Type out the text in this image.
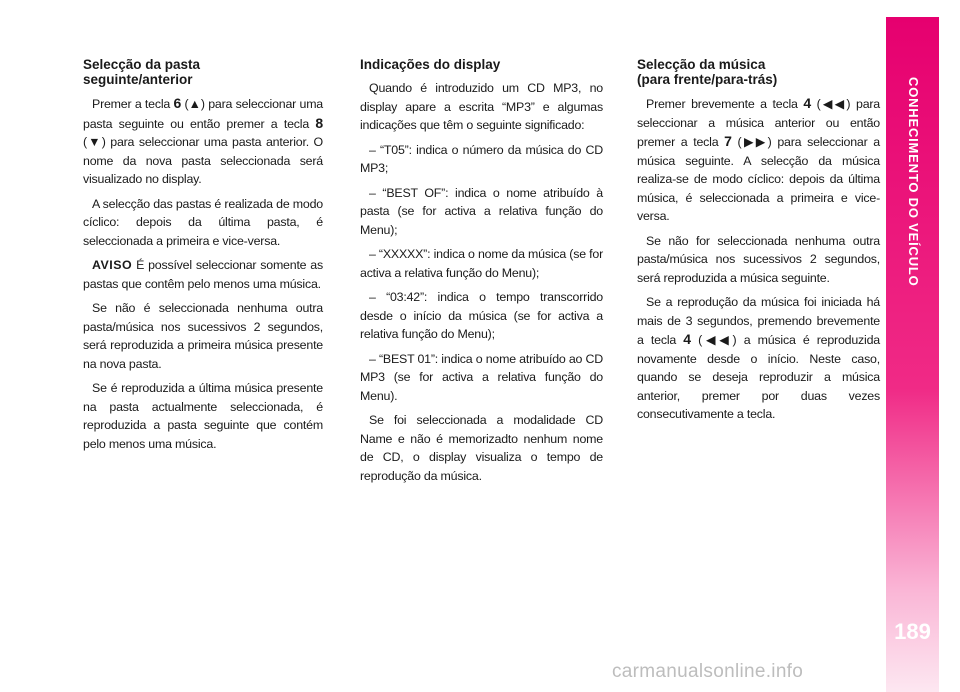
Selecção da pasta
seguinte/anterior

Premer a tecla 6 (▲) para seleccionar uma pasta seguinte ou então premer a tecla 8 (▼) para seleccionar uma pasta anterior. O nome da nova pasta seleccionada será visualizado no display.

A selecção das pastas é realizada de modo cíclico: depois da última pasta, é seleccionada a primeira e vice-versa.

AVISO É possível seleccionar somente as pastas que contêm pelo menos uma música.

Se não é seleccionada nenhuma outra pasta/música nos sucessivos 2 segundos, será reproduzida a primeira música presente na nova pasta.

Se é reproduzida a última música presente na pasta actualmente seleccionada, é reproduzida a pasta seguinte que contém pelo menos uma música.

Indicações do display

Quando é introduzido um CD MP3, no display apare a escrita “MP3” e algumas indicações que têm o seguinte significado:

– “T05”: indica o número da música do CD MP3;

– “BEST OF”: indica o nome atribuído à pasta (se for activa a relativa função do Menu);

– “XXXXX”: indica o nome da música (se for activa a relativa função do Menu);

– “03:42”: indica o tempo transcorrido desde o início da música (se for activa a relativa função do Menu);

– “BEST 01”: indica o nome atribuído ao CD MP3 (se for activa a relativa função do Menu).

Se foi seleccionada a modalidade CD Name e não é memorizadto nenhum nome de CD, o display visualiza o tempo de reprodução da música.

Selecção da música
(para frente/para-trás)

Premer brevemente a tecla 4 (◀◀) para seleccionar a música anterior ou então premer a tecla 7 (▶▶) para seleccionar a música seguinte. A selecção da música realiza-se de modo cíclico: depois da última música, é seleccionada a primeira e vice-versa.

Se não for seleccionada nenhuma outra pasta/música nos sucessivos 2 segundos, será reproduzida a música seguinte.

Se a reprodução da música foi iniciada há mais de 3 segundos, premendo brevemente a tecla 4 (◀◀) a música é reproduzida novamente desde o início. Neste caso, quando se deseja reproduzir a música anterior, premer por duas vezes consecutivamente a tecla.

CONHECIMENTO DO VEÍCULO
189
carmanualsonline.info
